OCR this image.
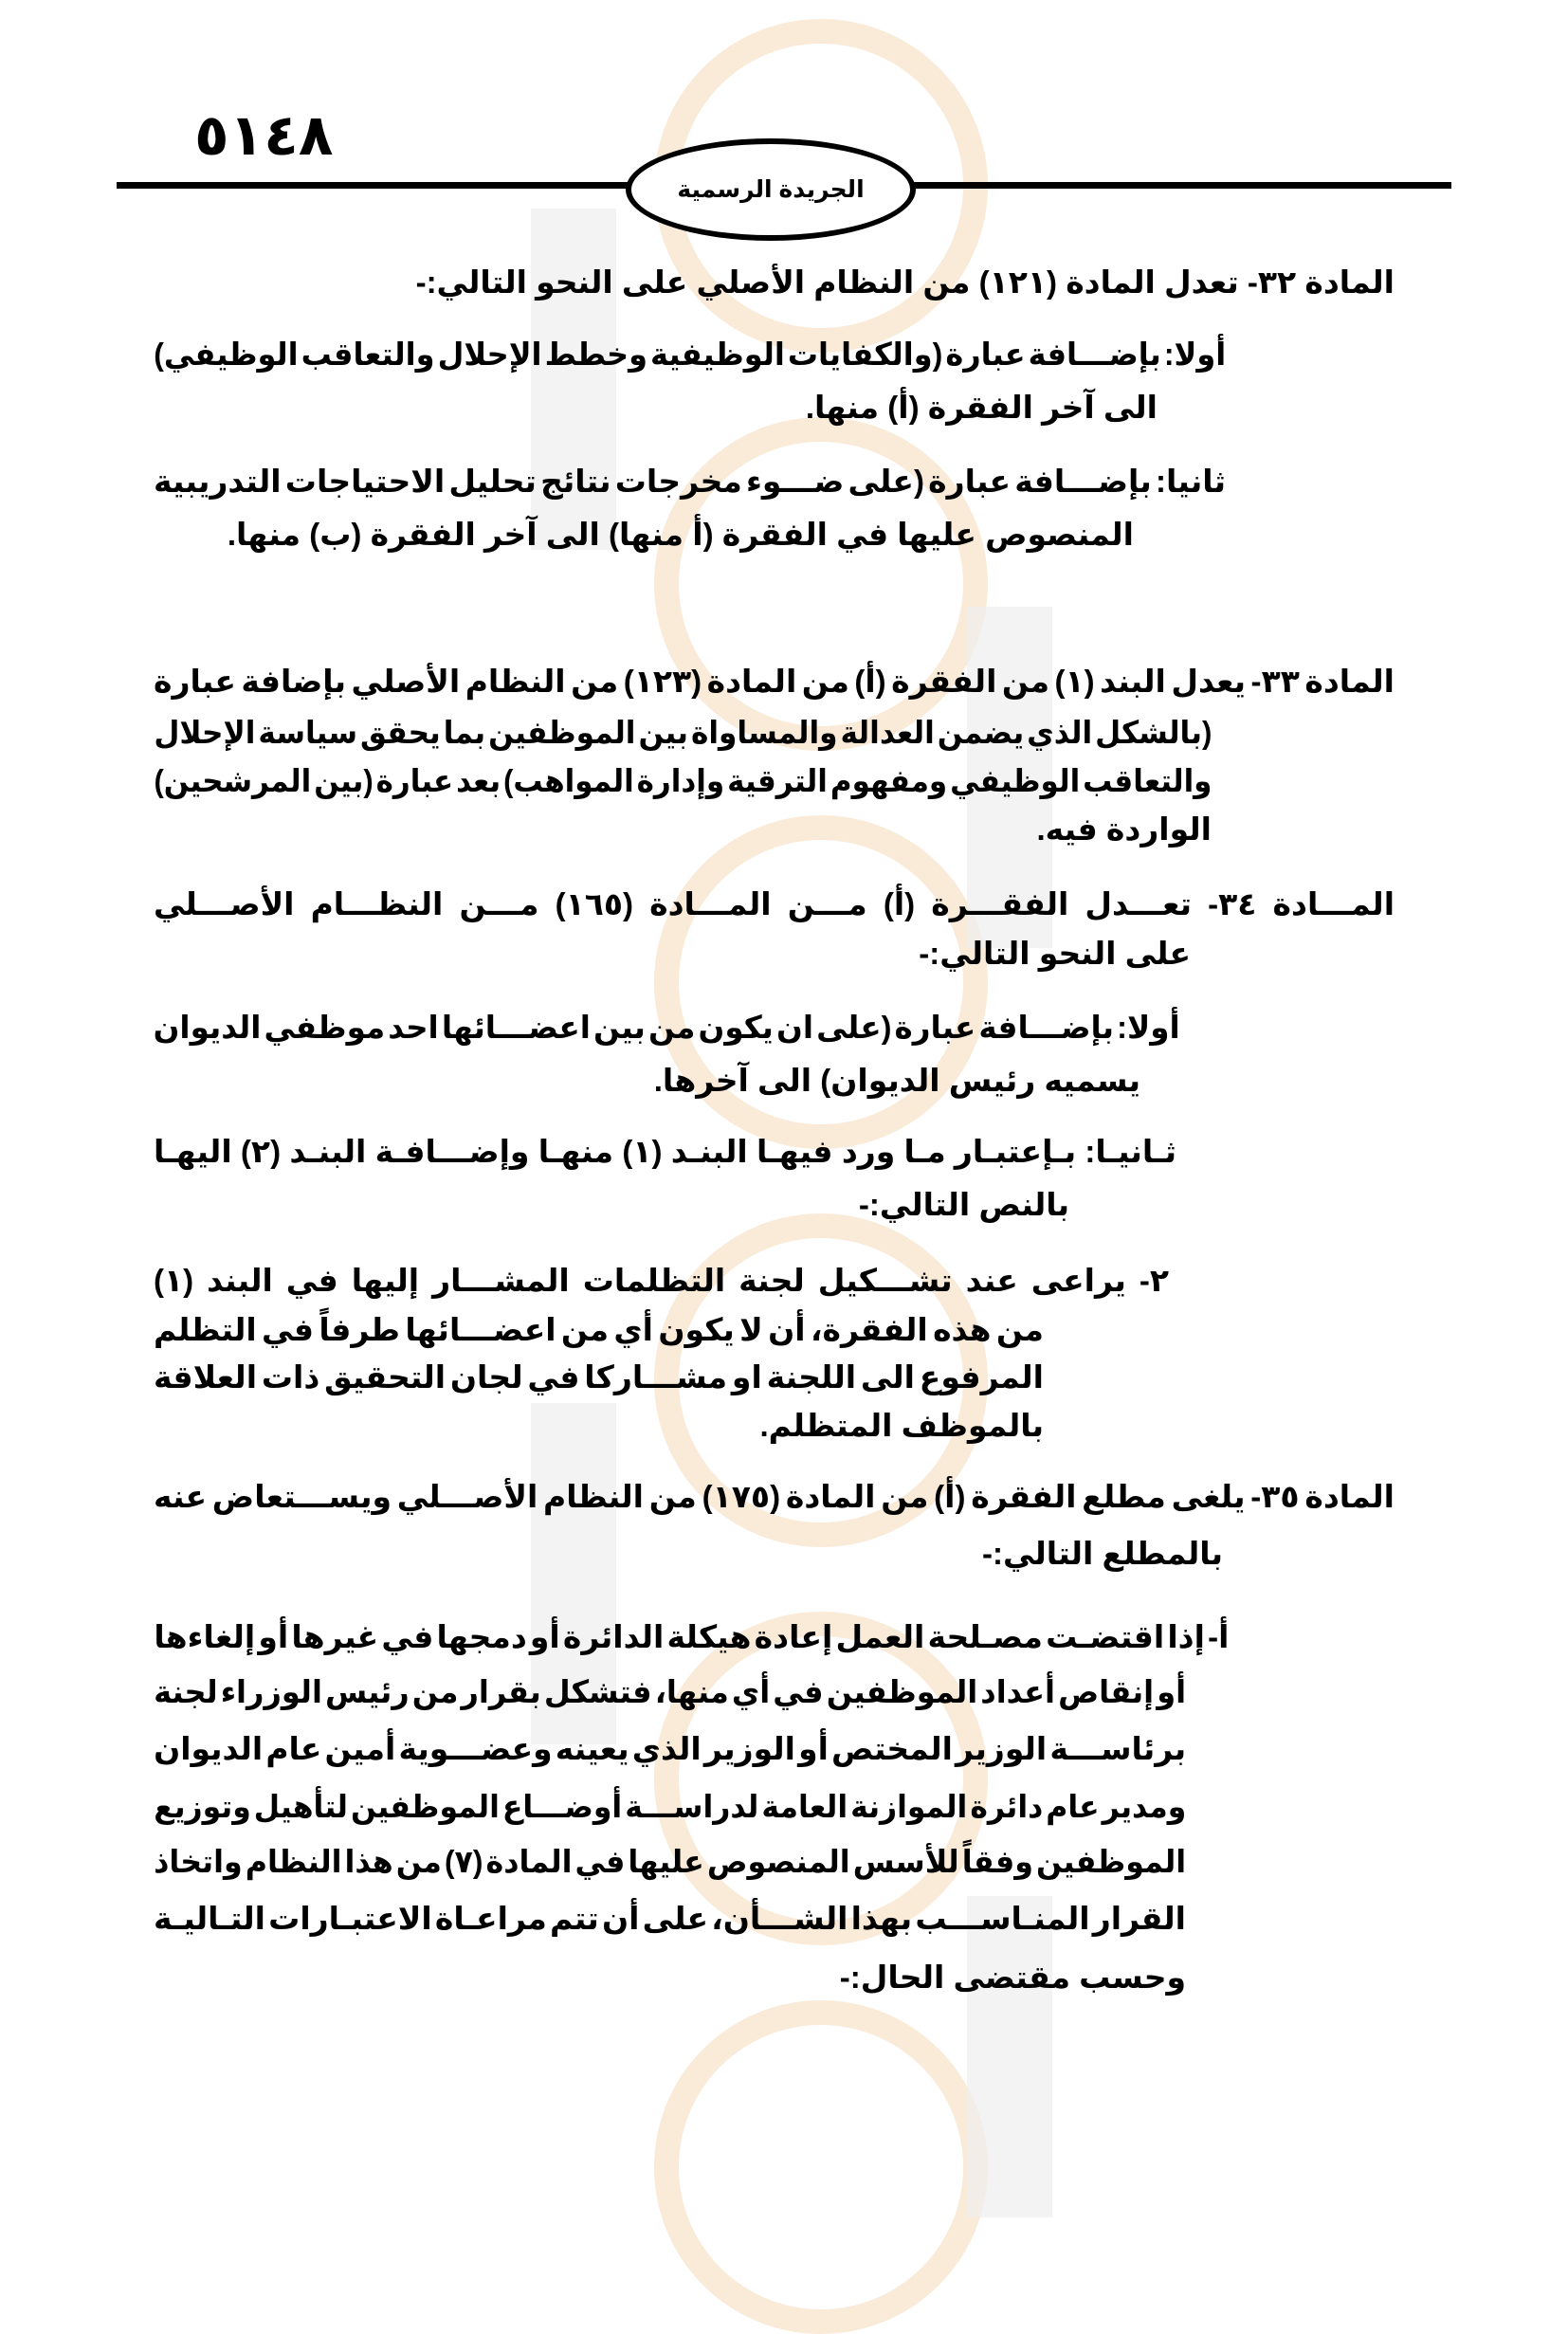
٥١٤٨
الجريدة الرسمية
المادة ٣٢- تعدل المادة (١٢١) من النظام الأصلي على النحو التالي:-
أولا: بإضـــافة عبارة (والكفايات الوظيفية وخطط الإحلال والتعاقب الوظيفي)
الى آخر الفقرة (أ) منها.
ثانيا: بإضـــافة عبارة (على ضـــوء مخرجات نتائج تحليل الاحتياجات التدريبية
المنصوص عليها في الفقرة (أ منها) الى آخر الفقرة (ب) منها.
المادة ٣٣- يعدل البند (١) من الفقرة (أ) من المادة (١٢٣) من النظام الأصلي بإضافة عبارة
(بالشكل الذي يضمن العدالة والمساواة بين الموظفين بما يحقق سياسة الإحلال
والتعاقب الوظيفي ومفهوم الترقية وإدارة المواهب) بعد عبارة (بين المرشحين)
الواردة فيه.
المـــادة ٣٤- تعـــدل الفقـــرة (أ) مـــن المـــادة (١٦٥) مـــن النظـــام الأصـــلي
على النحو التالي:-
أولا: بإضـــافة عبارة (على ان يكون من بين اعضـــائها احد موظفي الديوان
يسميه رئيس الديوان) الى آخرها.
ثـانيـا: بـإعتبـار مـا ورد فيهـا البنـد (١) منهـا وإضـــافـة البنـد (٢) اليهـا
بالنص التالي:-
٢- يراعى عند تشـــكيل لجنة التظلمات المشـــار إليها في البند (١)
من هذه الفقرة، أن لا يكون أي من اعضـــائها طرفاً في التظلم
المرفوع الى اللجنة او مشـــاركا في لجان التحقيق ذات العلاقة
بالموظف المتظلم.
المادة ٣٥- يلغى مطلع الفقرة (أ) من المادة (١٧٥) من النظام الأصـــلي ويســـتعاض عنه
بالمطلع التالي:-
أ- إذا اقتضـت مصـلحة العمل إعادة هيكلة الدائرة أو دمجها في غيرها أو إلغاءها
أو إنقاص أعداد الموظفين في أي منها، فتشكل بقرار من رئيس الوزراء لجنة
برئاســـة الوزير المختص أو الوزير الذي يعينه وعضـــوية أمين عام الديوان
ومدير عام دائرة الموازنة العامة لدراســـة أوضـــاع الموظفين لتأهيل وتوزيع
الموظفين وفقاً للأسس المنصوص عليها في المادة (٧) من هذا النظام واتخاذ
القرار المنـاســـب بهذا الشـــأن، على أن تتم مراعـاة الاعتبـارات التـاليـة
وحسب مقتضى الحال:-
